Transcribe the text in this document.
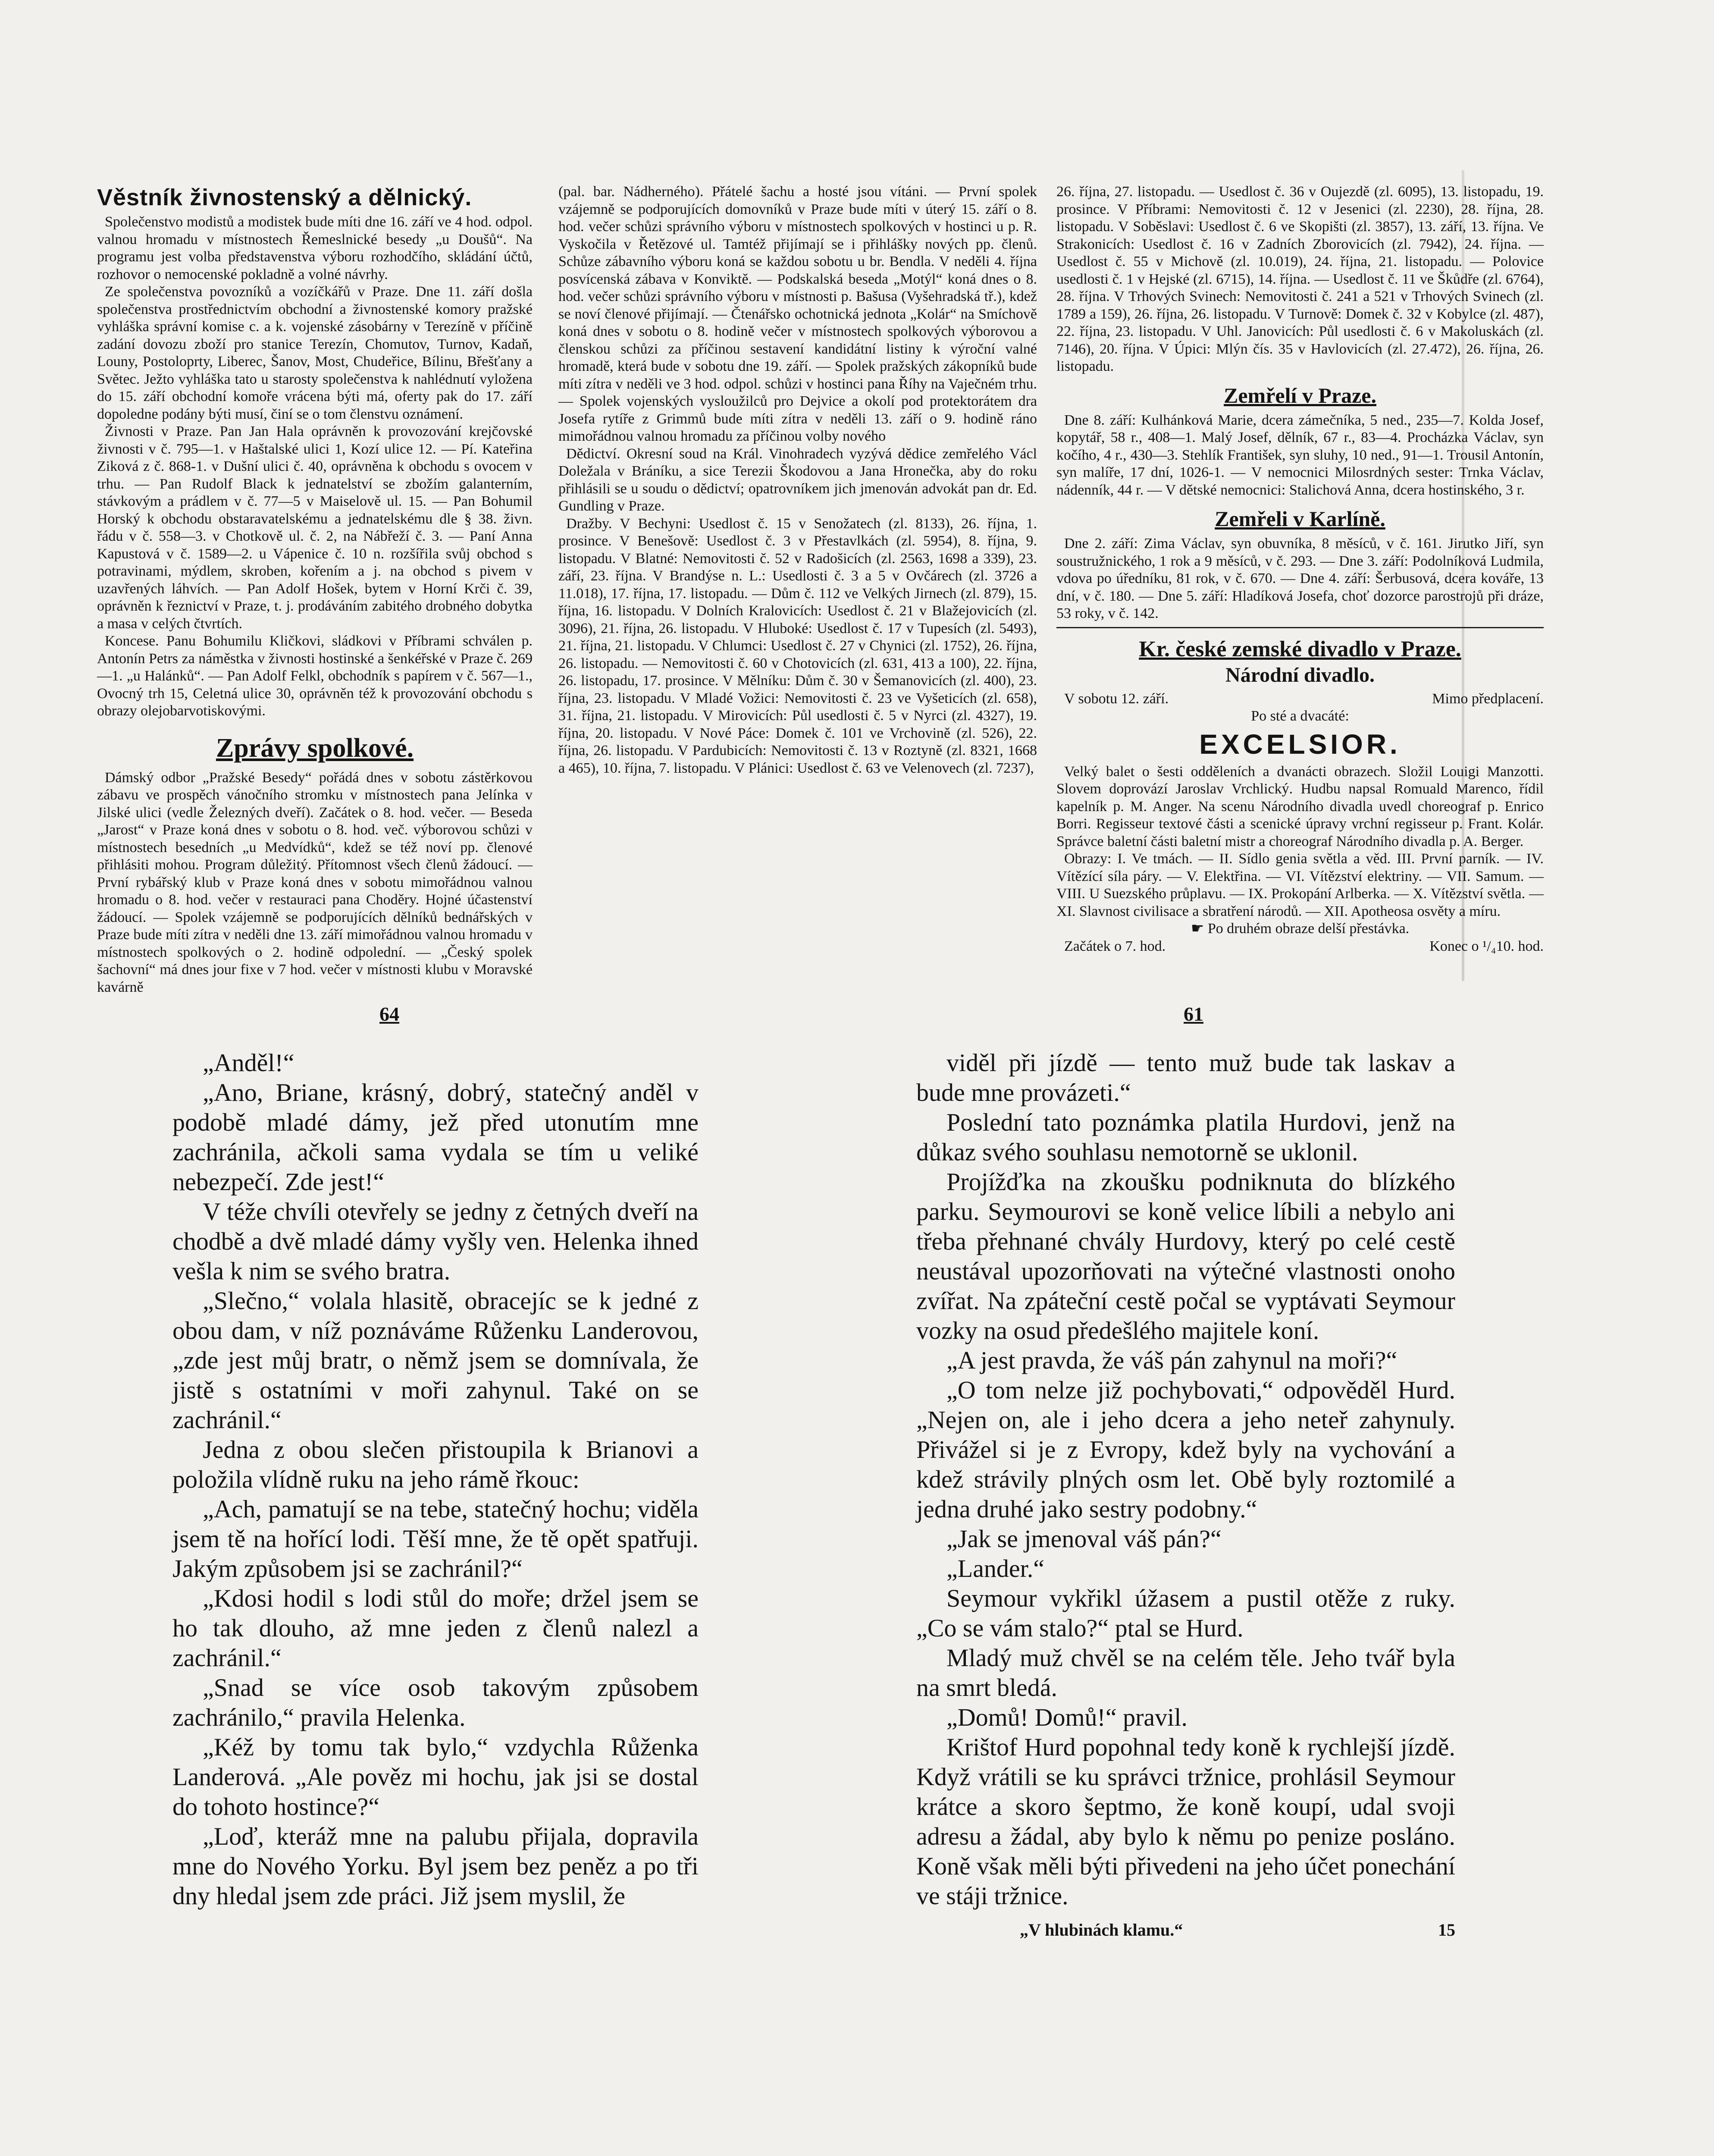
Věstník živnostenský a dělnický.

Společenstvo modistů a modistek bude míti dne 16. září ve 4 hod. odpol. valnou hromadu v místnostech Řemeslnické besedy „u Doušů“. Na programu jest volba představenstva výboru rozhodčího, skládání účtů, rozhovor o nemocenské pokladně a volné návrhy.

Ze společenstva povozníků a vozíčkářů v Praze. Dne 11. září došla společenstva prostřednictvím obchodní a živnostenské komory pražské vyhláška správní komise c. a k. vojenské zásobárny v Terezíně v příčině zadání dovozu zboží pro stanice Terezín, Chomutov, Turnov, Kadaň, Louny, Postoloprty, Liberec, Šanov, Most, Chudeřice, Bílinu, Břešťany a Světec. Ježto vyhláška tato u starosty společenstva k nahlédnutí vyložena do 15. září obchodní komoře vrácena býti má, oferty pak do 17. září dopoledne podány býti musí, činí se o tom členstvu oznámení.

Živnosti v Praze. Pan Jan Hala oprávněn k provozování krejčovské živnosti v č. 795—1. v Haštalské ulici 1, Kozí ulice 12. — Pí. Kateřina Ziková z č. 868-1. v Dušní ulici č. 40, oprávněna k obchodu s ovocem v trhu. — Pan Rudolf Black k jednatelství se zbožím galanterním, stávkovým a prádlem v č. 77—5 v Maiselově ul. 15. — Pan Bohumil Horský k obchodu obstaravatelskému a jednatelskému dle § 38. živn. řádu v č. 558—3. v Chotkově ul. č. 2, na Nábřeží č. 3. — Paní Anna Kapustová v č. 1589—2. u Vápenice č. 10 n. rozšířila svůj obchod s potravinami, mýdlem, skroben, kořením a j. na obchod s pivem v uzavřených láhvích. — Pan Adolf Hošek, bytem v Horní Krči č. 39, oprávněn k řeznictví v Praze, t. j. prodáváním zabitého drobného dobytka a masa v celých čtvrtích.

Koncese. Panu Bohumilu Kličkovi, sládkovi v Příbrami schválen p. Antonín Petrs za náměstka v živnosti hostinské a šenkéřské v Praze č. 269—1. „u Halánků“. — Pan Adolf Felkl, obchodník s papírem v č. 567—1., Ovocný trh 15, Celetná ulice 30, oprávněn též k provozování obchodu s obrazy olejobarvotiskovými.

Zprávy spolkové.

Dámský odbor „Pražské Besedy“ pořádá dnes v sobotu zástěrkovou zábavu ve prospěch vánočního stromku v místnostech pana Jelínka v Jilské ulici (vedle Železných dveří). Začátek o 8. hod. večer. — Beseda „Jarost“ v Praze koná dnes v sobotu o 8. hod. več. výborovou schůzi v místnostech besedních „u Medvídků“, kdež se též noví pp. členové přihlásiti mohou. Program důležitý. Přítomnost všech členů žádoucí. — První rybářský klub v Praze koná dnes v sobotu mimořádnou valnou hromadu o 8. hod. večer v restauraci pana Choděry. Hojné účastenství žádoucí. — Spolek vzájemně se podporujících dělníků bednářských v Praze bude míti zítra v neděli dne 13. září mimořádnou valnou hromadu v místnostech spolkových o 2. hodině odpolední. — „Český spolek šachovní“ má dnes jour fixe v 7 hod. večer v místnosti klubu v Moravské kavárně

(pal. bar. Nádherného). Přátelé šachu a hosté jsou vítáni. — První spolek vzájemně se podporujících domovníků v Praze bude míti v úterý 15. září o 8. hod. večer schůzi správního výboru v místnostech spolkových v hostinci u p. R. Vyskočila v Řetězové ul. Tamtéž přijímají se i přihlášky nových pp. členů. Schůze zábavního výboru koná se každou sobotu u br. Bendla. V neděli 4. října posvícenská zábava v Konviktě. — Podskalská beseda „Motýl“ koná dnes o 8. hod. večer schůzi správního výboru v místnosti p. Bašusa (Vyšehradská tř.), kdež se noví členové přijímají. — Čtenářsko ochotnická jednota „Kolár“ na Smíchově koná dnes v sobotu o 8. hodině večer v místnostech spolkových výborovou a členskou schůzi za příčinou sestavení kandidátní listiny k výroční valné hromadě, která bude v sobotu dne 19. září. — Spolek pražských zákopníků bude míti zítra v neděli ve 3 hod. odpol. schůzi v hostinci pana Říhy na Vaječném trhu. — Spolek vojenských vysloužilců pro Dejvice a okolí pod protektorátem dra Josefa rytíře z Grimmů bude míti zítra v neděli 13. září o 9. hodině ráno mimořádnou valnou hromadu za příčinou volby nového

Dědictví. Okresní soud na Král. Vinohradech vyzývá dědice zemřelého Václ Doležala v Bráníku, a sice Terezii Škodovou a Jana Hronečka, aby do roku přihlásili se u soudu o dědictví; opatrovníkem jich jmenován advokát pan dr. Ed. Gundling v Praze.

Dražby. V Bechyni: Usedlost č. 15 v Senožatech (zl. 8133), 26. října, 1. prosince. V Benešově: Usedlost č. 3 v Přestavlkách (zl. 5954), 8. října, 9. listopadu. V Blatné: Nemovitosti č. 52 v Radošicích (zl. 2563, 1698 a 339), 23. září, 23. října. V Brandýse n. L.: Usedlosti č. 3 a 5 v Ovčárech (zl. 3726 a 11.018), 17. října, 17. listopadu. — Dům č. 112 ve Velkých Jirnech (zl. 879), 15. října, 16. listopadu. V Dolních Kralovicích: Usedlost č. 21 v Blažejovicích (zl. 3096), 21. října, 26. listopadu. V Hluboké: Usedlost č. 17 v Tupesích (zl. 5493), 21. října, 21. listopadu. V Chlumci: Usedlost č. 27 v Chynici (zl. 1752), 26. října, 26. listopadu. — Nemovitosti č. 60 v Chotovicích (zl. 631, 413 a 100), 22. října, 26. listopadu, 17. prosince. V Mělníku: Dům č. 30 v Šemanovicích (zl. 400), 23. října, 23. listopadu. V Mladé Vožici: Nemovitosti č. 23 ve Vyšeticích (zl. 658), 31. října, 21. listopadu. V Mirovicích: Půl usedlosti č. 5 v Nyrci (zl. 4327), 19. října, 20. listopadu. V Nové Páce: Domek č. 101 ve Vrchovině (zl. 526), 22. října, 26. listopadu. V Pardubicích: Nemovitosti č. 13 v Roztyně (zl. 8321, 1668 a 465), 10. října, 7. listopadu. V Plánici: Usedlost č. 63 ve Velenovech (zl. 7237),

26. října, 27. listopadu. — Usedlost č. 36 v Oujezdě (zl. 6095), 13. listopadu, 19. prosince. V Příbrami: Nemovitosti č. 12 v Jesenici (zl. 2230), 28. října, 28. listopadu. V Soběslavi: Usedlost č. 6 ve Skopišti (zl. 3857), 13. září, 13. října. Ve Strakonicích: Usedlost č. 16 v Zadních Zborovicích (zl. 7942), 24. října. — Usedlost č. 55 v Michově (zl. 10.019), 24. října, 21. listopadu. — Polovice usedlosti č. 1 v Hejské (zl. 6715), 14. října. — Usedlost č. 11 ve Škůdře (zl. 6764), 28. října. V Trhových Svinech: Nemovitosti č. 241 a 521 v Trhových Svinech (zl. 1789 a 159), 26. října, 26. listopadu. V Turnově: Domek č. 32 v Kobylce (zl. 487), 22. října, 23. listopadu. V Uhl. Janovicích: Půl usedlosti č. 6 v Makoluskách (zl. 7146), 20. října. V Úpici: Mlýn čís. 35 v Havlovicích (zl. 27.472), 26. října, 26. listopadu.

Zemřelí v Praze.

Dne 8. září: Kulhánková Marie, dcera zámečníka, 5 ned., 235—7. Kolda Josef, kopytář, 58 r., 408—1. Malý Josef, dělník, 67 r., 83—4. Procházka Václav, syn kočího, 4 r., 430—3. Stehlík František, syn sluhy, 10 ned., 91—1. Trousil Antonín, syn malíře, 17 dní, 1026-1. — V nemocnici Milosrdných sester: Trnka Václav, nádenník, 44 r. — V dětské nemocnici: Stalichová Anna, dcera hostinského, 3 r.

Zemřeli v Karlíně.

Dne 2. září: Zima Václav, syn obuvníka, 8 měsíců, v č. 161. Jirutko Jiří, syn soustružnického, 1 rok a 9 měsíců, v č. 293. — Dne 3. září: Podolníková Ludmila, vdova po úředníku, 81 rok, v č. 670. — Dne 4. září: Šerbusová, dcera kováře, 13 dní, v č. 180. — Dne 5. září: Hladíková Josefa, choť dozorce parostrojů při dráze, 53 roky, v č. 142.

Kr. české zemské divadlo v Praze.
Národní divadlo.

V sobotu 12. září.	Mimo předplacení.

Po sté a dvacáté:

EXCELSIOR.

Velký balet o šesti odděleních a dvanácti obrazech. Složil Louigi Manzotti. Slovem doprovází Jaroslav Vrchlický. Hudbu napsal Romuald Marenco, řídil kapelník p. M. Anger. Na scenu Národního divadla uvedl choreograf p. Enrico Borri. Regisseur textové části a scenické úpravy vrchní regisseur p. Frant. Kolár. Správce baletní části baletní mistr a choreograf Národního divadla p. A. Berger.

Obrazy: I. Ve tmách. — II. Sídlo genia světla a věd. III. První parník. — IV. Vítězící síla páry. — V. Elektřina. — VI. Vítězství elektriny. — VII. Samum. — VIII. U Suezského průplavu. — IX. Prokopání Arlberka. — X. Vítězství světla. — XI. Slavnost civilisace a sbratření národů. — XII. Apotheosa osvěty a míru.

☛ Po druhém obraze delší přestávka.

Začátek o 7. hod.	Konec o ¹/₄10. hod.

64	61

„Anděl!“

„Ano, Briane, krásný, dobrý, statečný anděl v podobě mladé dámy, jež před utonutím mne zachránila, ačkoli sama vydala se tím u veliké nebezpečí. Zde jest!“

V téže chvíli otevřely se jedny z četných dveří na chodbě a dvě mladé dámy vyšly ven. Helenka ihned vešla k nim se svého bratra.

„Slečno,“ volala hlasitě, obracejíc se k jedné z obou dam, v níž poznáváme Růženku Landerovou, „zde jest můj bratr, o němž jsem se domnívala, že jistě s ostatními v moři zahynul. Také on se zachránil.“

Jedna z obou slečen přistoupila k Brianovi a položila vlídně ruku na jeho rámě řkouc:

„Ach, pamatují se na tebe, statečný hochu; viděla jsem tě na hořící lodi. Těší mne, že tě opět spatřuji. Jakým způsobem jsi se zachránil?“

„Kdosi hodil s lodi stůl do moře; držel jsem se ho tak dlouho, až mne jeden z členů nalezl a zachránil.“

„Snad se více osob takovým způsobem zachránilo,“ pravila Helenka.

„Kéž by tomu tak bylo,“ vzdychla Růženka Landerová. „Ale pověz mi hochu, jak jsi se dostal do tohoto hostince?“

„Loď, kteráž mne na palubu přijala, dopravila mne do Nového Yorku. Byl jsem bez peněz a po tři dny hledal jsem zde práci. Již jsem myslil, že

viděl při jízdě — tento muž bude tak laskav a bude mne provázeti.“

Poslední tato poznámka platila Hurdovi, jenž na důkaz svého souhlasu nemotorně se uklonil.

Projížďka na zkoušku podniknuta do blízkého parku. Seymourovi se koně velice líbili a nebylo ani třeba přehnané chvály Hurdovy, který po celé cestě neustával upozorňovati na výtečné vlastnosti onoho zvířat. Na zpáteční cestě počal se vyptávati Seymour vozky na osud předešlého majitele koní.

„A jest pravda, že váš pán zahynul na moři?“

„O tom nelze již pochybovati,“ odpověděl Hurd. „Nejen on, ale i jeho dcera a jeho neteř zahynuly. Přivážel si je z Evropy, kdež byly na vychování a kdež strávily plných osm let. Obě byly roztomilé a jedna druhé jako sestry podobny.“

„Jak se jmenoval váš pán?“

„Lander.“

Seymour vykřikl úžasem a pustil otěže z ruky. „Co se vám stalo?“ ptal se Hurd.

Mladý muž chvěl se na celém těle. Jeho tvář byla na smrt bledá.

„Domů! Domů!“ pravil.

Krištof Hurd popohnal tedy koně k rychlejší jízdě. Když vrátili se ku správci tržnice, prohlásil Seymour krátce a skoro šeptmo, že koně koupí, udal svoji adresu a žádal, aby bylo k němu po penize posláno. Koně však měli býti přivedeni na jeho účet ponechání ve stáji tržnice.

„V hlubinách klamu.“	15
